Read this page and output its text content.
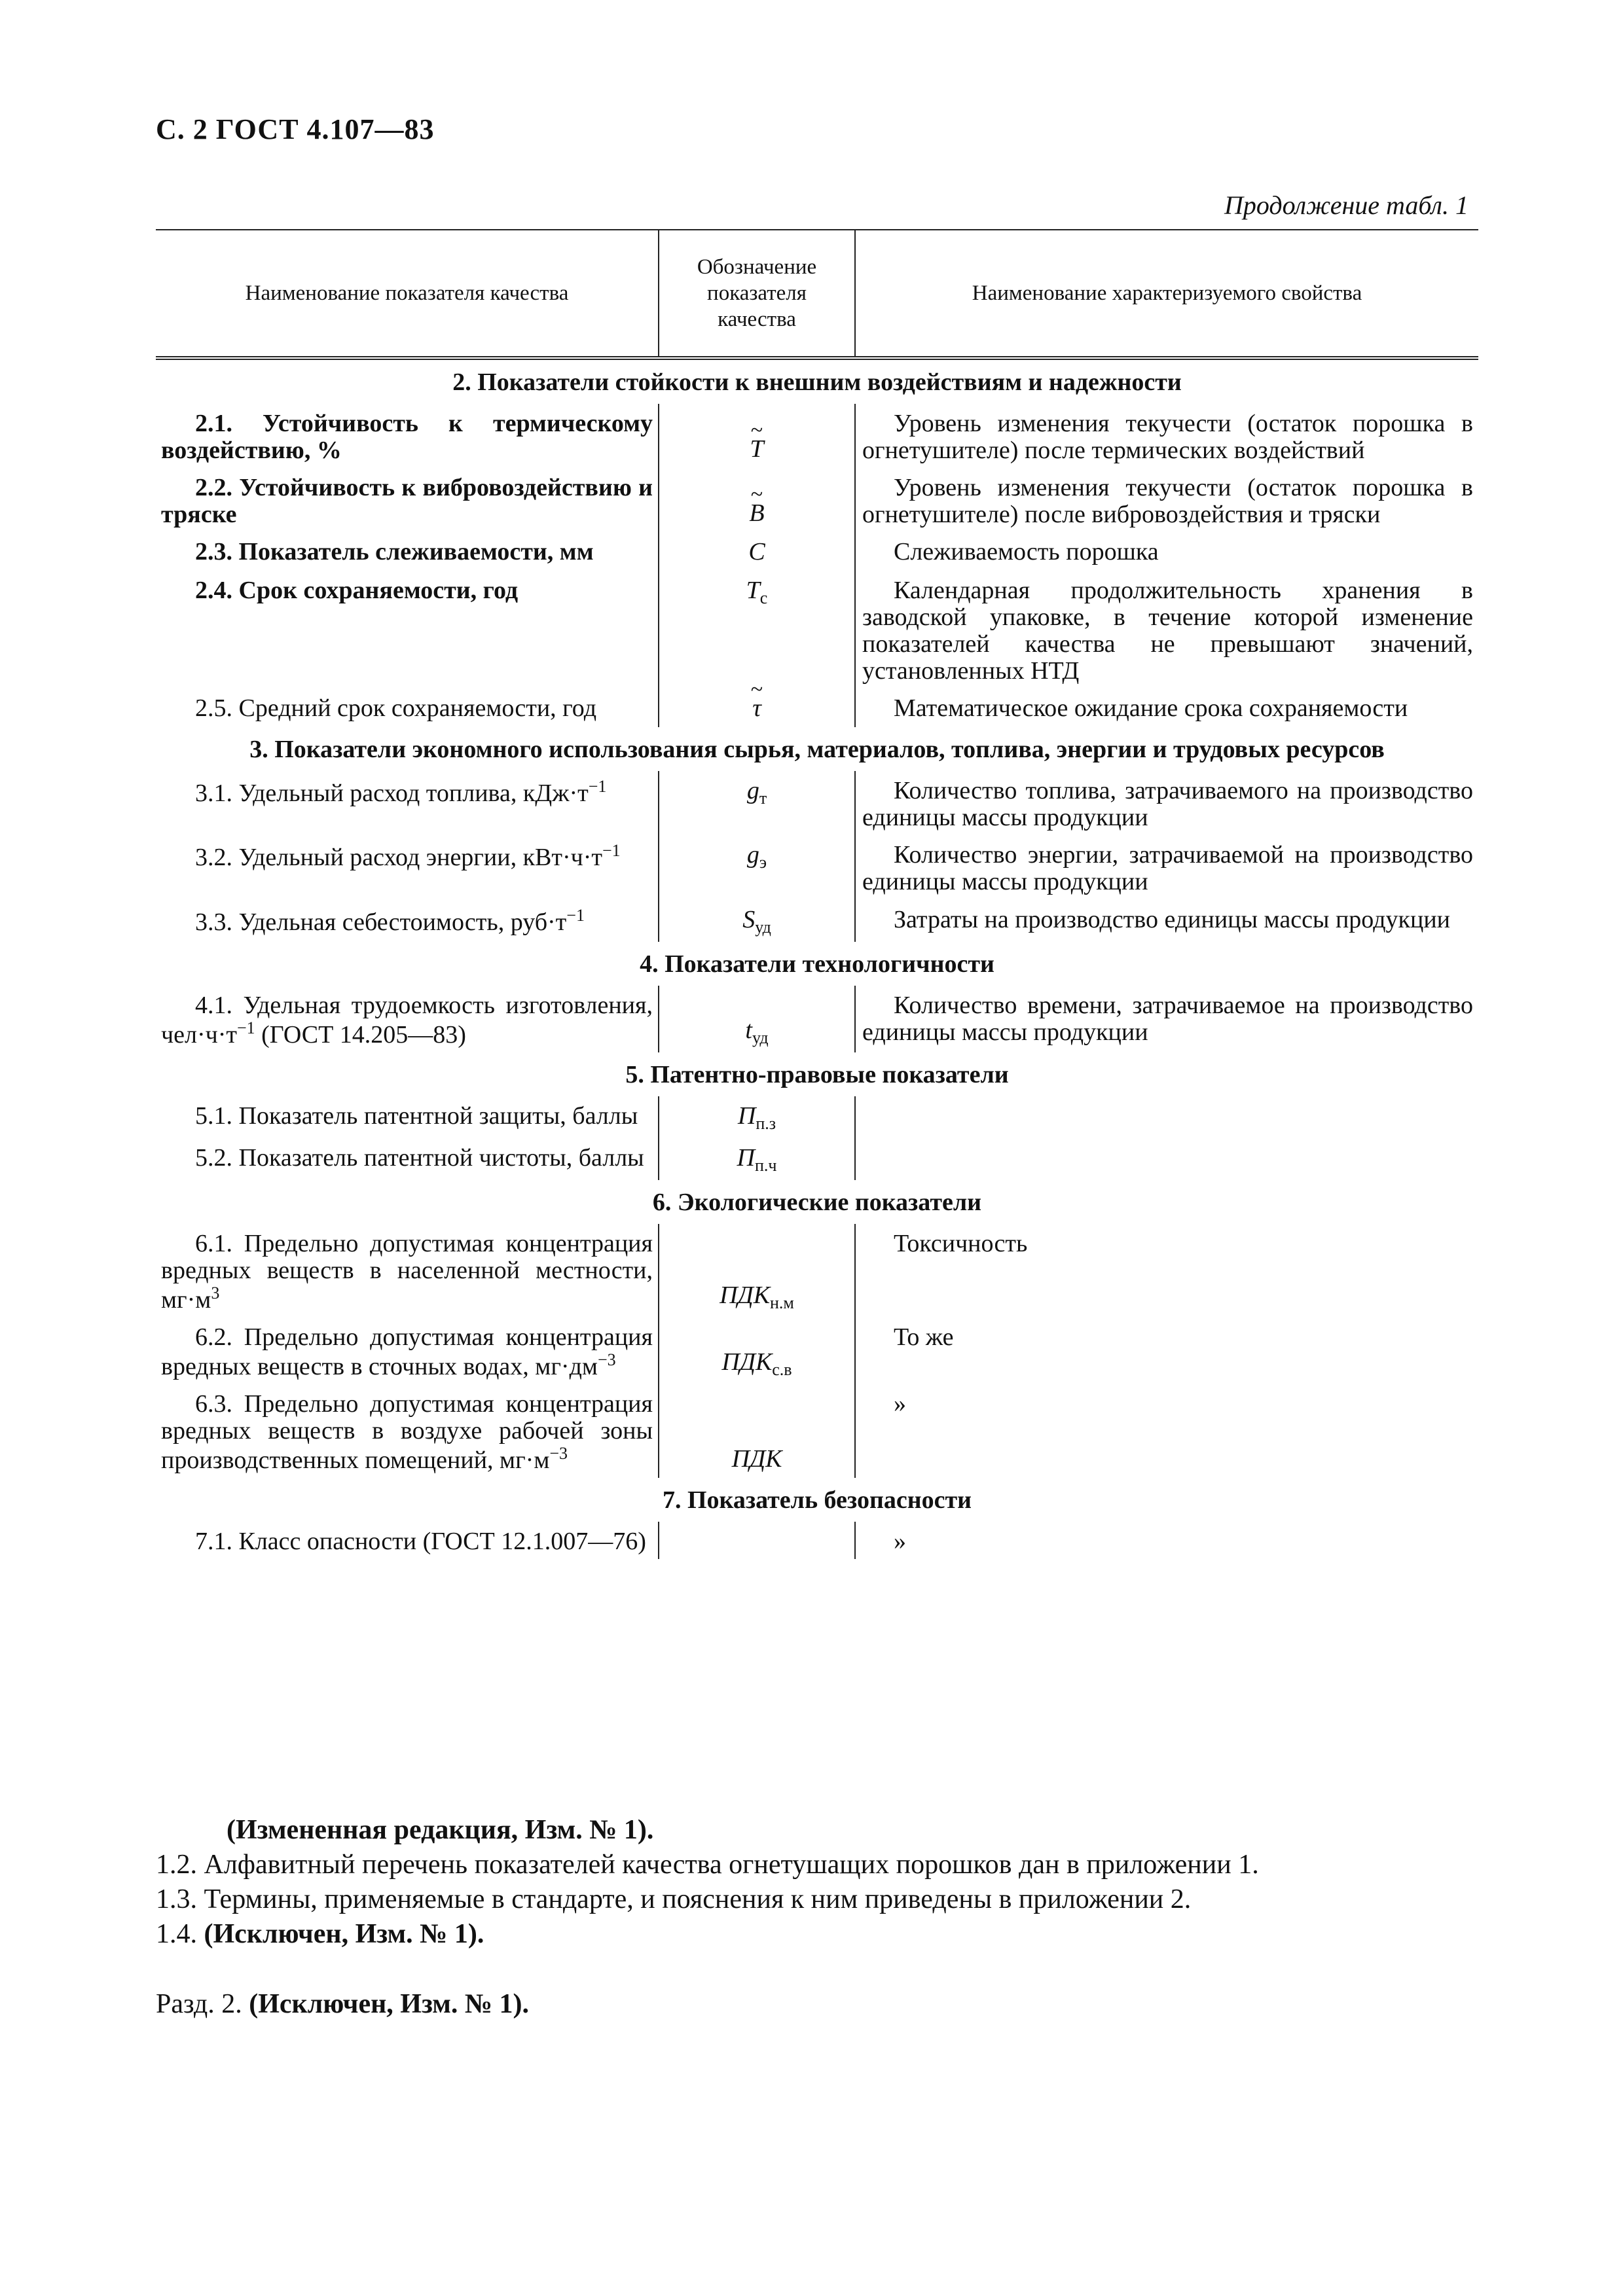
С. 2 ГОСТ 4.107—83
Продолжение табл. 1
Наименование показателя качества	Обозначение показателя качества	Наименование характеризуемого свойства
2. Показатели стойкости к внешним воздействиям и надежности		
2.1. Устойчивость к термическому воздействию, %	~ T	Уровень изменения текучести (остаток порошка в огнетушителе) после термических воздействий
2.2. Устойчивость к вибровоздействию и тряске	~ B	Уровень изменения текучести (остаток порошка в огнетушителе) после вибровоздействия и тряски
2.3. Показатель слеживаемости, мм	C	Слеживаемость порошка
2.4. Срок сохраняемости, год	$T_с$	Календарная продолжительность хранения в заводской упаковке, в течение которой изменение показателей качества не превышают значений, установленных НТД
2.5. Средний срок сохраняемости, год	~ τ	Математическое ожидание срока сохраняемости
3. Показатели экономного использования сырья, материалов, топлива, энергии и трудовых ресурсов		
3.1. Удельный расход топлива, $кДж\cdot т^{-1}$	$g_т$	Количество топлива, затрачиваемого на производство единицы массы продукции
3.2. Удельный расход энергии, $кВт\cdot ч\cdot т^{-1}$	$g_э$	Количество энергии, затрачиваемой на производство единицы массы продукции
3.3. Удельная себестоимость, $руб\cdot т^{-1}$	$S_{уд}$	Затраты на производство единицы массы продукции
4. Показатели технологичности		
4.1. Удельная трудоемкость изготовления, $чел\cdot ч\cdot т^{-1}$ (ГОСТ 14.205—83)	$t_{уд}$	Количество времени, затрачиваемое на производство единицы массы продукции
5. Патентно-правовые показатели		
5.1. Показатель патентной защиты, баллы	$П_{п.з}$	
5.2. Показатель патентной чистоты, баллы	$П_{п.ч}$	
6. Экологические показатели		
6.1. Предельно допустимая концентрация вредных веществ в населенной местности, $мг\cdot м^3$	$ПДК_{н.м}$	Токсичность
6.2. Предельно допустимая концентрация вредных веществ в сточных водах, $мг\cdot дм^{-3}$	$ПДК_{с.в}$	То же
6.3. Предельно допустимая концентрация вредных веществ в воздухе рабочей зоны производственных помещений, $мг\cdot м^{-3}$	ПДК	»
7. Показатель безопасности		
7.1. Класс опасности (ГОСТ 12.1.007—76)		»

(Измененная редакция, Изм. № 1).

1.2. Алфавитный перечень показателей качества огнетушащих порошков дан в приложении 1.

1.3. Термины, применяемые в стандарте, и пояснения к ним приведены в приложении 2.

1.4. (Исключен, Изм. № 1).

Разд. 2. (Исключен, Изм. № 1).
